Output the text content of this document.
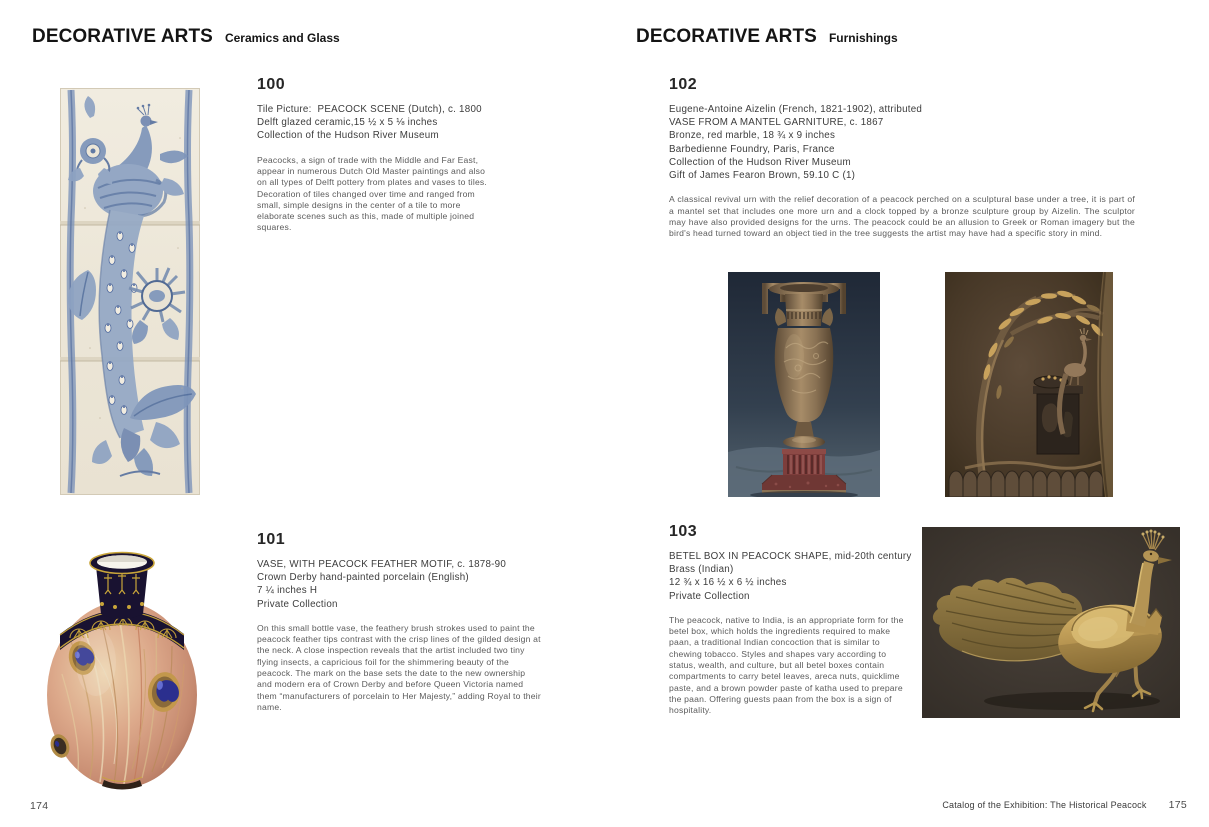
DECORATIVE ARTS Ceramics and Glass
100
Tile Picture:  PEACOCK SCENE (Dutch), c. 1800
Delft glazed ceramic,15 ½ x 5 ⅛ inches
Collection of the Hudson River Museum

Peacocks, a sign of trade with the Middle and Far East, appear in numerous Dutch Old Master paintings and also on all types of Delft pottery from plates and vases to tiles. Decoration of tiles changed over time and ranged from small, simple designs in the center of a tile to more elaborate scenes such as this, made of multiple joined squares.

101
VASE, WITH PEACOCK FEATHER MOTIF, c. 1878-90
Crown Derby hand-painted porcelain (English)
7 ¼ inches H
Private Collection

On this small bottle vase, the feathery brush strokes used to paint the peacock feather tips contrast with the crisp lines of the gilded design at the neck. A close inspection reveals that the artist included two tiny flying insects, a capricious foil for the shimmering beauty of the peacock. The mark on the base sets the date to the new ownership and modern era of Crown Derby and before Queen Victoria named them “manufacturers of porcelain to Her Majesty,” adding Royal to their name.

174
DECORATIVE ARTS Furnishings
102
Eugene-Antoine Aizelin (French, 1821-1902), attributed
VASE FROM A MANTEL GARNITURE, c. 1867
Bronze, red marble, 18 ¾ x 9 inches
Barbedienne Foundry, Paris, France
Collection of the Hudson River Museum
Gift of James Fearon Brown, 59.10 C (1)

A classical revival urn with the relief decoration of a peacock perched on a sculptural base under a tree, it is part of a mantel set that includes one more urn and a clock topped by a bronze sculpture group by Aizelin. The sculptor may have also provided designs for the urns. The peacock could be an allusion to Greek or Roman imagery but the bird's head turned toward an object tied in the tree suggests the artist may have had a specific story in mind.

103
BETEL BOX IN PEACOCK SHAPE, mid-20th century
Brass (Indian)
12 ¾ x 16 ½ x 6 ½ inches
Private Collection

The peacock, native to India, is an appropriate form for the betel box, which holds the ingredients required to make paan, a traditional Indian concoction that is similar to chewing tobacco. Styles and shapes vary according to status, wealth, and culture, but all betel boxes contain compartments to carry betel leaves, areca nuts, quicklime paste, and a brown powder paste of katha used to prepare the paan. Offering guests paan from the box is a sign of hospitality.

Catalog of the Exhibition: The Historical Peacock 175
